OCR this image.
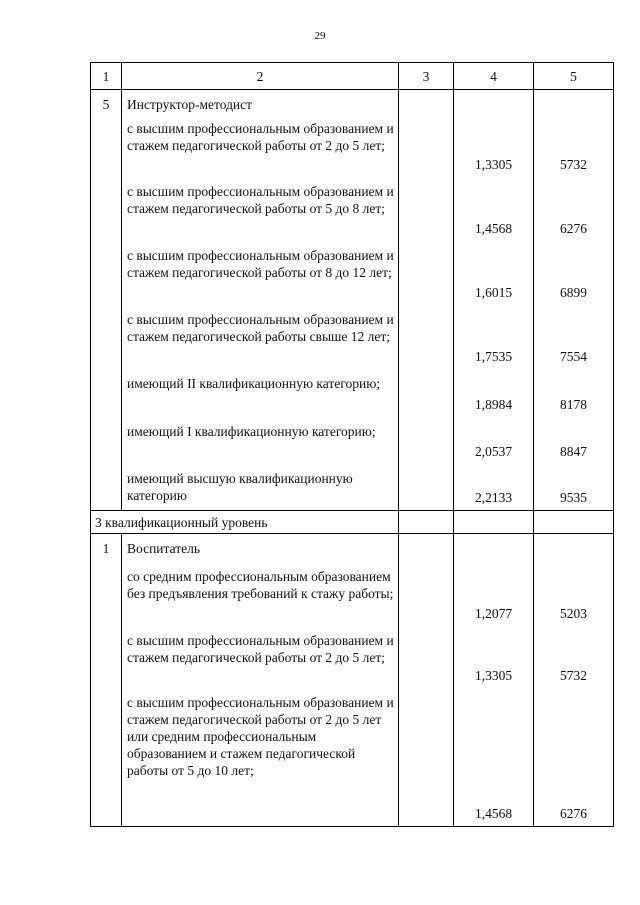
29
1	2	3	4	5
5	Инструктор-методист			
	с высшим профессиональным образованием и стажем педагогической работы от 2 до 5 лет;		1,3305	5732
	с высшим профессиональным образованием и стажем педагогической работы от 5 до 8 лет;		1,4568	6276
	с высшим профессиональным образованием и стажем педагогической работы от 8 до 12 лет;		1,6015	6899
	с высшим профессиональным образованием и стажем педагогической работы свыше 12 лет;		1,7535	7554
	имеющий II квалификационную категорию;		1,8984	8178
	имеющий I квалификационную категорию;		2,0537	8847
	имеющий высшую квалификационную категорию		2,2133	9535
3 квалификационный уровень				
1	Воспитатель			
	со средним профессиональным образованием без предъявления требований к стажу работы;		1,2077	5203
	с высшим профессиональным образованием и стажем педагогической работы от 2 до 5 лет;		1,3305	5732
	с высшим профессиональным образованием и стажем педагогической работы от 2 до 5 лет или средним профессиональным образованием и стажем педагогической работы от 5 до 10 лет;		1,4568	6276
